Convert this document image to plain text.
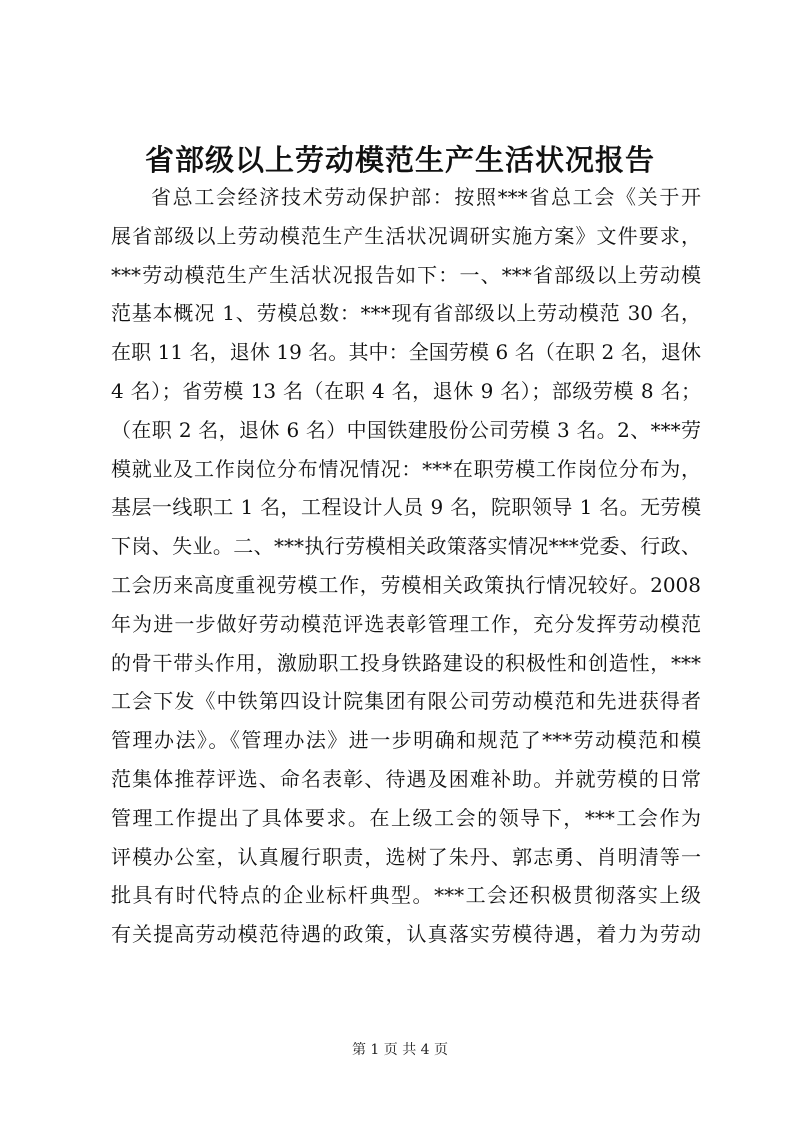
省部级以上劳动模范生产生活状况报告
省总工会经济技术劳动保护部：按照***省总工会《关于开
展省部级以上劳动模范生产生活状况调研实施方案》文件要求，
***劳动模范生产生活状况报告如下：一、***省部级以上劳动模
范基本概况 1、劳模总数：***现有省部级以上劳动模范 30 名，
在职 11 名，退休 19 名。其中：全国劳模 6 名（在职 2 名，退休
4 名）；省劳模 13 名（在职 4 名，退休 9 名）；部级劳模 8 名；
（在职 2 名，退休 6 名）中国铁建股份公司劳模 3 名。2、***劳
模就业及工作岗位分布情况情况：***在职劳模工作岗位分布为，
基层一线职工 1 名，工程设计人员 9 名，院职领导 1 名。无劳模
下岗、失业。二、***执行劳模相关政策落实情况***党委、行政、
工会历来高度重视劳模工作，劳模相关政策执行情况较好。2008
年为进一步做好劳动模范评选表彰管理工作，充分发挥劳动模范
的骨干带头作用，激励职工投身铁路建设的积极性和创造性，***
工会下发《中铁第四设计院集团有限公司劳动模范和先进获得者
管理办法》。《管理办法》进一步明确和规范了***劳动模范和模
范集体推荐评选、命名表彰、待遇及困难补助。并就劳模的日常
管理工作提出了具体要求。在上级工会的领导下，***工会作为
评模办公室，认真履行职责，选树了朱丹、郭志勇、肖明清等一
批具有时代特点的企业标杆典型。***工会还积极贯彻落实上级
有关提高劳动模范待遇的政策，认真落实劳模待遇，着力为劳动
第 1 页 共 4 页
